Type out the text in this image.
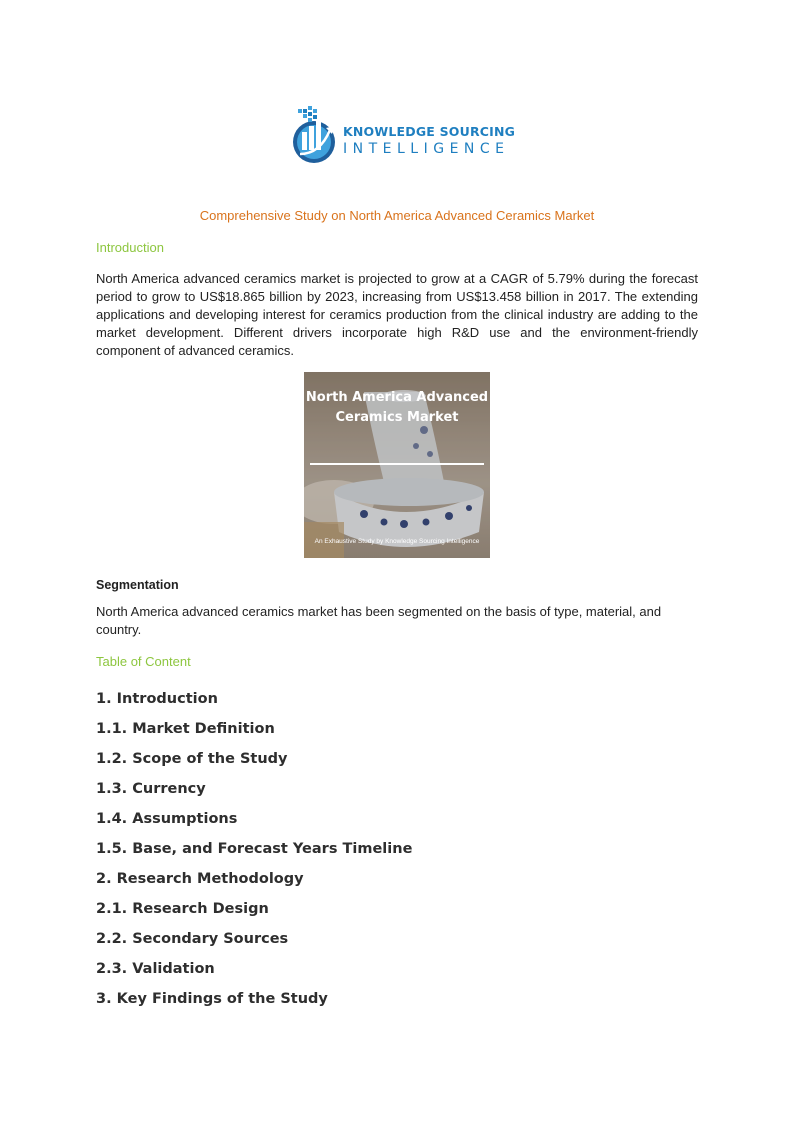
KNOWLEDGE SOURCING
INTELLIGENCE
Comprehensive Study on North America Advanced Ceramics Market
Introduction
North America advanced ceramics market is projected to grow at a CAGR of 5.79% during the forecast period to grow to US$18.865 billion by 2023, increasing from US$13.458 billion in 2017. The extending applications and developing interest for ceramics production from the clinical industry are adding to the market development. Different drivers incorporate high R&D use and the environment-friendly component of advanced ceramics.
North America Advanced
Ceramics Market
An Exhaustive Study by Knowledge Sourcing Intelligence
Segmentation
North America advanced ceramics market has been segmented on the basis of type, material, and country.
Table of Content
1. Introduction
1.1. Market Definition
1.2. Scope of the Study
1.3. Currency
1.4. Assumptions
1.5. Base, and Forecast Years Timeline
2. Research Methodology
2.1. Research Design
2.2. Secondary Sources
2.3. Validation
3. Key Findings of the Study
